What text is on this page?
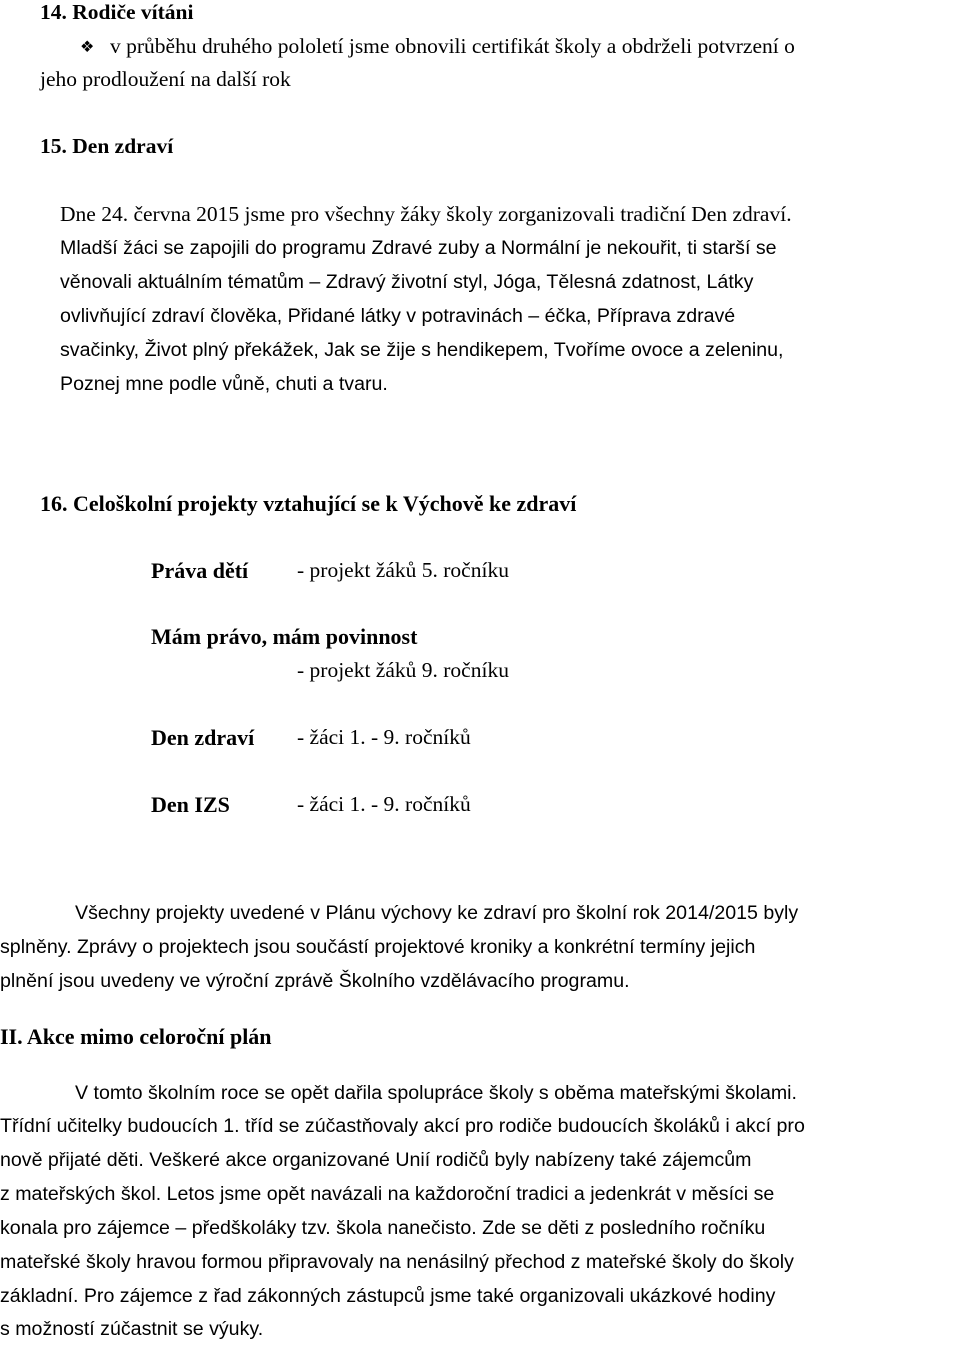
14. Rodiče vítáni
❖ v průběhu druhého pololetí jsme obnovili certifikát školy a obdrželi potvrzení o
jeho prodloužení na další rok
15. Den zdraví
Dne 24. června 2015 jsme pro všechny žáky školy zorganizovali tradiční Den zdraví.
Mladší žáci se zapojili do programu Zdravé zuby a Normální je nekouřit, ti starší se
věnovali aktuálním tématům – Zdravý životní styl, Jóga, Tělesná zdatnost, Látky
ovlivňující zdraví člověka, Přidané látky v potravinách – éčka, Příprava zdravé
svačinky, Život plný překážek, Jak se žije s hendikepem, Tvoříme ovoce a zeleninu,
Poznej mne podle vůně, chuti a tvaru.
16. Celoškolní projekty vztahující se k Výchově ke zdraví
Práva dětí - projekt žáků 5. ročníku
Mám právo, mám povinnost
- projekt žáků 9. ročníku
Den zdraví - žáci 1. - 9. ročníků
Den IZS	- žáci 1. - 9. ročníků
Všechny projekty uvedené v Plánu výchovy ke zdraví pro školní rok 2014/2015 byly
splněny. Zprávy o projektech jsou součástí projektové kroniky a konkrétní termíny jejich
plnění jsou uvedeny ve výroční zprávě Školního vzdělávacího programu.
II. Akce mimo celoroční plán
V tomto školním roce se opět dařila spolupráce školy s oběma mateřskými školami.
Třídní učitelky budoucích 1. tříd se zúčastňovaly akcí pro rodiče budoucích školáků i akcí pro
nově přijaté děti. Veškeré akce organizované Unií rodičů byly nabízeny také zájemcům
z mateřských škol. Letos jsme opět navázali na každoroční tradici a jedenkrát v měsíci se
konala pro zájemce – předškoláky tzv. škola nanečisto. Zde se děti z posledního ročníku
mateřské školy hravou formou připravovaly na nenásilný přechod z mateřské školy do školy
základní. Pro zájemce z řad zákonných zástupců jsme také organizovali ukázkové hodiny
s možností zúčastnit se výuky.
